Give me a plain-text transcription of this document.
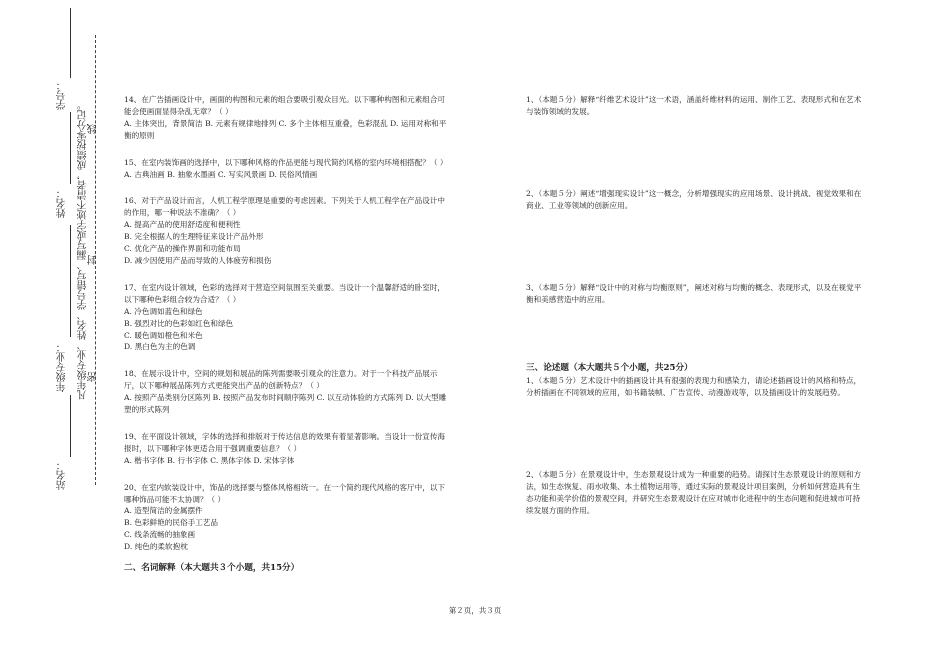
学号：
姓名：
年级专业：
站名：
凡年级专业、姓名、学号错写、漏写或字迹不清者，成绩按零分记。 线
封
密

14、在广告插画设计中，画面的构图和元素的组合要吸引观众目光。以下哪种构图和元素组合可能会使画面显得杂乱无章？（ ）

A. 主体突出，背景简洁 B. 元素有规律地排列 C. 多个主体相互重叠，色彩混乱 D. 运用对称和平衡的原则

15、在室内装饰画的选择中，以下哪种风格的作品更能与现代简约风格的室内环境相搭配？（ ）

A. 古典油画 B. 抽象水墨画 C. 写实风景画 D. 民俗风情画

16、对于产品设计而言，人机工程学原理是重要的考虑因素。下列关于人机工程学在产品设计中的作用，哪一种说法不准确？（ ）

A. 提高产品的使用舒适度和便利性

B. 完全根据人的生理特征来设计产品外形

C. 优化产品的操作界面和功能布局

D. 减少因使用产品而导致的人体疲劳和损伤

17、在室内设计领域，色彩的选择对于营造空间氛围至关重要。当设计一个温馨舒适的卧室时，以下哪种色彩组合较为合适？（ ）

A. 冷色调如蓝色和绿色

B. 强烈对比的色彩如红色和绿色

C. 暖色调如橙色和米色

D. 黑白色为主的色调

18、在展示设计中，空间的规划和展品的陈列需要吸引观众的注意力。对于一个科技产品展示厅，以下哪种展品陈列方式更能突出产品的创新特点？（ ）

A. 按照产品类别分区陈列 B. 按照产品发布时间顺序陈列 C. 以互动体验的方式陈列 D. 以大型雕塑的形式陈列

19、在平面设计领域，字体的选择和排版对于传达信息的效果有着显著影响。当设计一份宣传海报时，以下哪种字体更适合用于强调重要信息？（ ）

A. 楷书字体 B. 行书字体 C. 黑体字体 D. 宋体字体

20、在室内软装设计中，饰品的选择要与整体风格相统一。在一个简约现代风格的客厅中，以下哪种饰品可能不太协调？（ ）

A. 造型简洁的金属摆件

B. 色彩鲜艳的民俗手工艺品

C. 线条流畅的抽象画

D. 纯色的柔软抱枕

二、名词解释（本大题共３个小题，共15分）

1、（本题５分）解释“纤维艺术设计”这一术语，涵盖纤维材料的运用、制作工艺、表现形式和在艺术与装饰领域的发展。

2、（本题５分）阐述“增强现实设计”这一概念，分析增强现实的应用场景、设计挑战、视觉效果和在商业、工业等领域的创新应用。

3、（本题５分）解释“设计中的对称与均衡原则”，阐述对称与均衡的概念、表现形式，以及在视觉平衡和美感营造中的应用。

三、论述题（本大题共５个小题，共25分）

1、（本题５分）艺术设计中的插画设计具有很强的表现力和感染力，请论述插画设计的风格和特点，分析插画在不同领域的应用，如书籍装帧、广告宣传、动漫游戏等，以及插画设计的发展趋势。

2、（本题５分）在景观设计中，生态景观设计成为一种重要的趋势。请探讨生态景观设计的原则和方法，如生态恢复、雨水收集、本土植物运用等，通过实际的景观设计项目案例，分析如何营造具有生态功能和美学价值的景观空间，并研究生态景观设计在应对城市化进程中的生态问题和促进城市可持续发展方面的作用。

第２页，共３页
